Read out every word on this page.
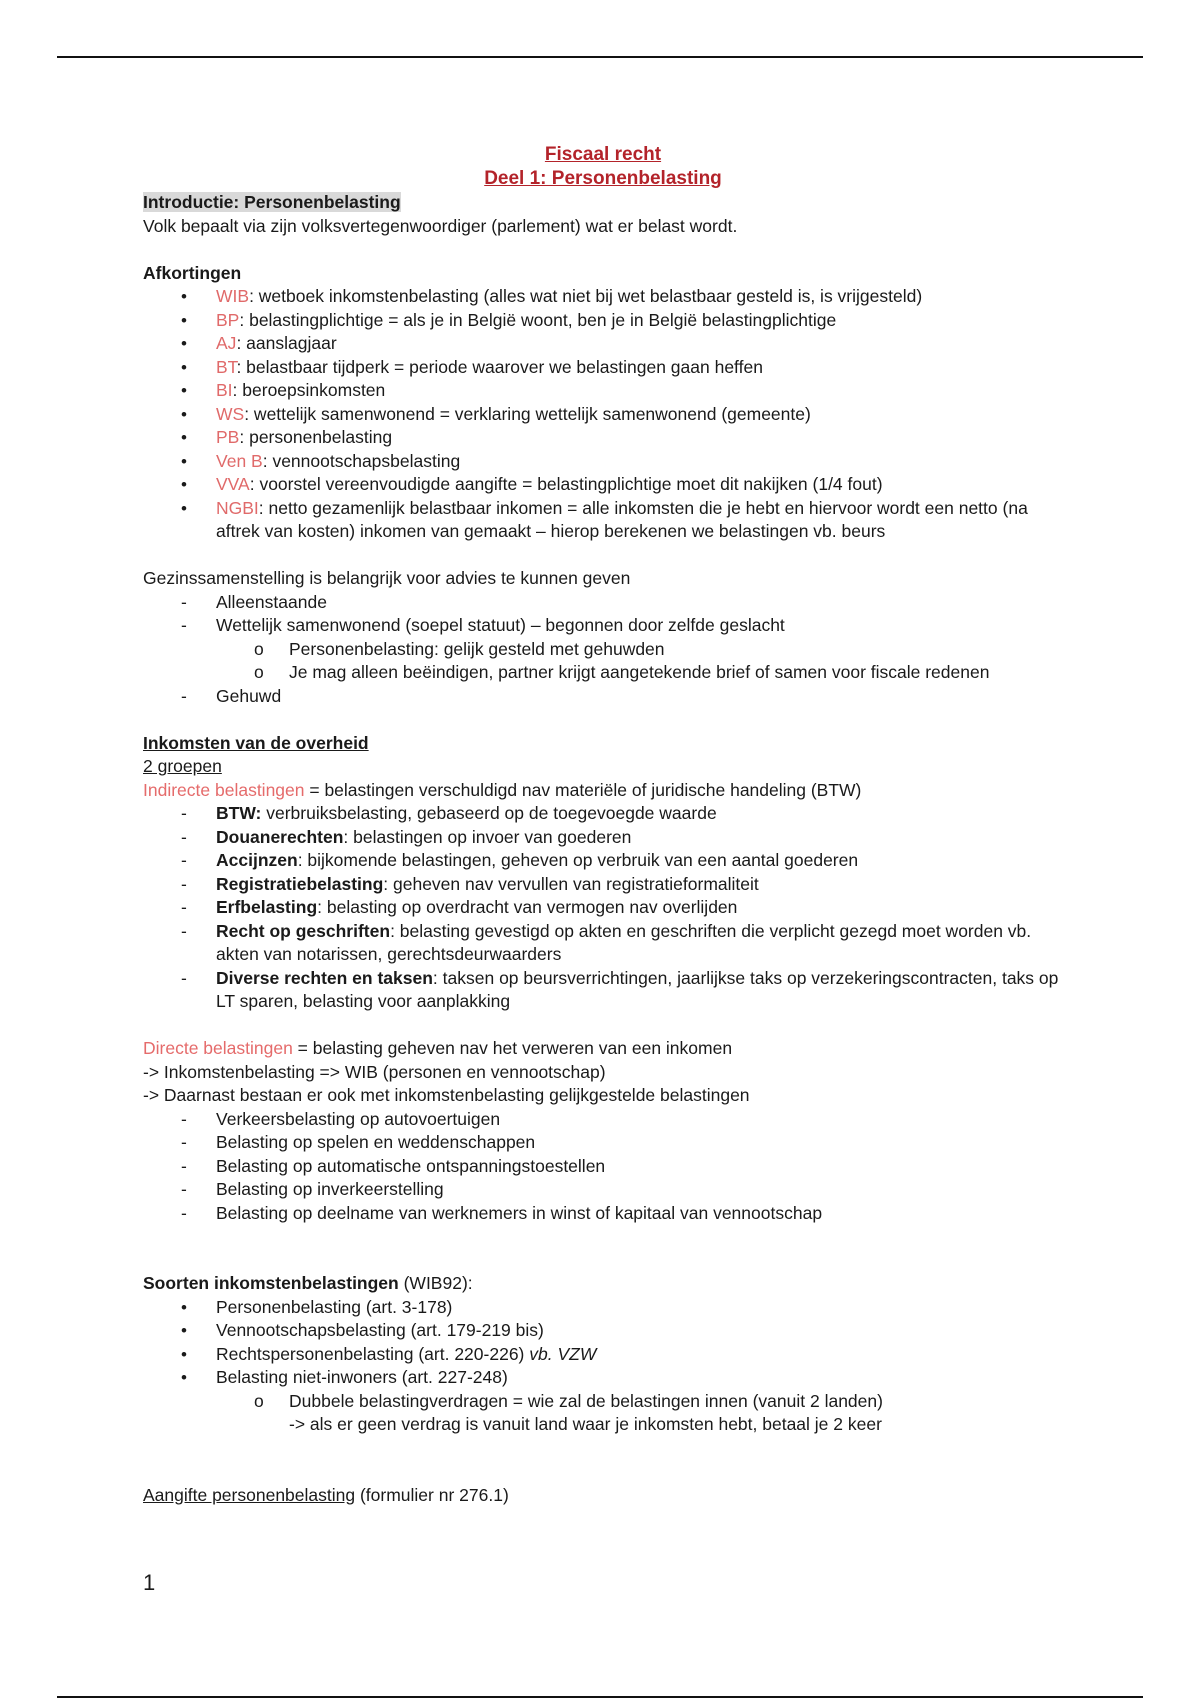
Fiscaal recht
Deel 1: Personenbelasting
Introductie: Personenbelasting
Volk bepaalt via zijn volksvertegenwoordiger (parlement) wat er belast wordt.
Afkortingen
• WIB: wetboek inkomstenbelasting (alles wat niet bij wet belastbaar gesteld is, is vrijgesteld)
• BP: belastingplichtige = als je in België woont, ben je in België belastingplichtige
• AJ: aanslagjaar
• BT: belastbaar tijdperk = periode waarover we belastingen gaan heffen
• BI: beroepsinkomsten
• WS: wettelijk samenwonend = verklaring wettelijk samenwonend (gemeente)
• PB: personenbelasting
• Ven B: vennootschapsbelasting
• VVA: voorstel vereenvoudigde aangifte = belastingplichtige moet dit nakijken (1/4 fout)
• NGBI: netto gezamenlijk belastbaar inkomen = alle inkomsten die je hebt en hiervoor wordt een netto (na aftrek van kosten) inkomen van gemaakt – hierop berekenen we belastingen vb. beurs
Gezinssamenstelling is belangrijk voor advies te kunnen geven
- Alleenstaande
- Wettelijk samenwonend (soepel statuut) – begonnen door zelfde geslacht
o Personenbelasting: gelijk gesteld met gehuwden
o Je mag alleen beëindigen, partner krijgt aangetekende brief of samen voor fiscale redenen
- Gehuwd
Inkomsten van de overheid
2 groepen
Indirecte belastingen = belastingen verschuldigd nav materiële of juridische handeling (BTW)
- BTW: verbruiksbelasting, gebaseerd op de toegevoegde waarde
- Douanerechten: belastingen op invoer van goederen
- Accijnzen: bijkomende belastingen, geheven op verbruik van een aantal goederen
- Registratiebelasting: geheven nav vervullen van registratieformaliteit
- Erfbelasting: belasting op overdracht van vermogen nav overlijden
- Recht op geschriften: belasting gevestigd op akten en geschriften die verplicht gezegd moet worden vb. akten van notarissen, gerechtsdeurwaarders
- Diverse rechten en taksen: taksen op beursverrichtingen, jaarlijkse taks op verzekeringscontracten, taks op LT sparen, belasting voor aanplakking
Directe belastingen = belasting geheven nav het verweren van een inkomen
-> Inkomstenbelasting => WIB (personen en vennootschap)
-> Daarnast bestaan er ook met inkomstenbelasting gelijkgestelde belastingen
- Verkeersbelasting op autovoertuigen
- Belasting op spelen en weddenschappen
- Belasting op automatische ontspanningstoestellen
- Belasting op inverkeerstelling
- Belasting op deelname van werknemers in winst of kapitaal van vennootschap
Soorten inkomstenbelastingen (WIB92):
• Personenbelasting (art. 3-178)
• Vennootschapsbelasting (art. 179-219 bis)
• Rechtspersonenbelasting (art. 220-226) vb. VZW
• Belasting niet-inwoners (art. 227-248)
o Dubbele belastingverdragen = wie zal de belastingen innen (vanuit 2 landen)
-> als er geen verdrag is vanuit land waar je inkomsten hebt, betaal je 2 keer
Aangifte personenbelasting (formulier nr 276.1)
1
